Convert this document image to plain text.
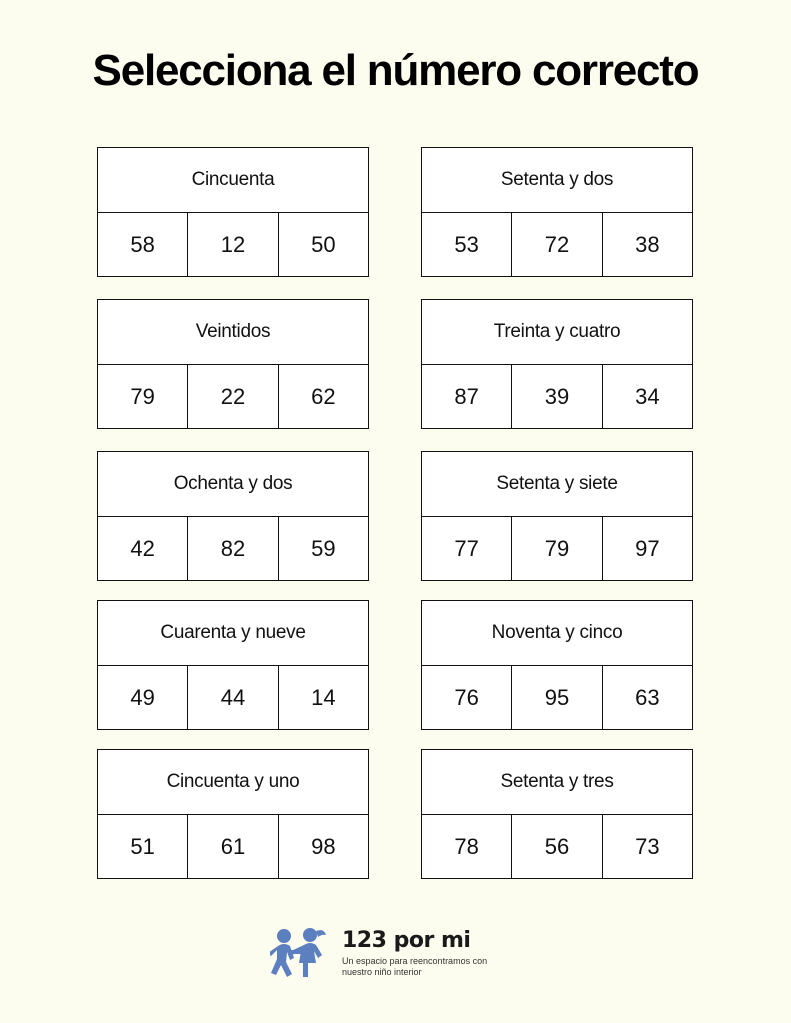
Selecciona el número correcto
Cincuenta
58	12	50
Veintidos
79	22	62
Ochenta y dos
42	82	59
Cuarenta y nueve
49	44	14
Cincuenta y uno
51	61	98
Setenta y dos
53	72	38
Treinta y cuatro
87	39	34
Setenta y siete
77	79	97
Noventa y cinco
76	95	63
Setenta y tres
78	56	73
123 por mi
Un espacio para reencontramos con nuestro niño interior
